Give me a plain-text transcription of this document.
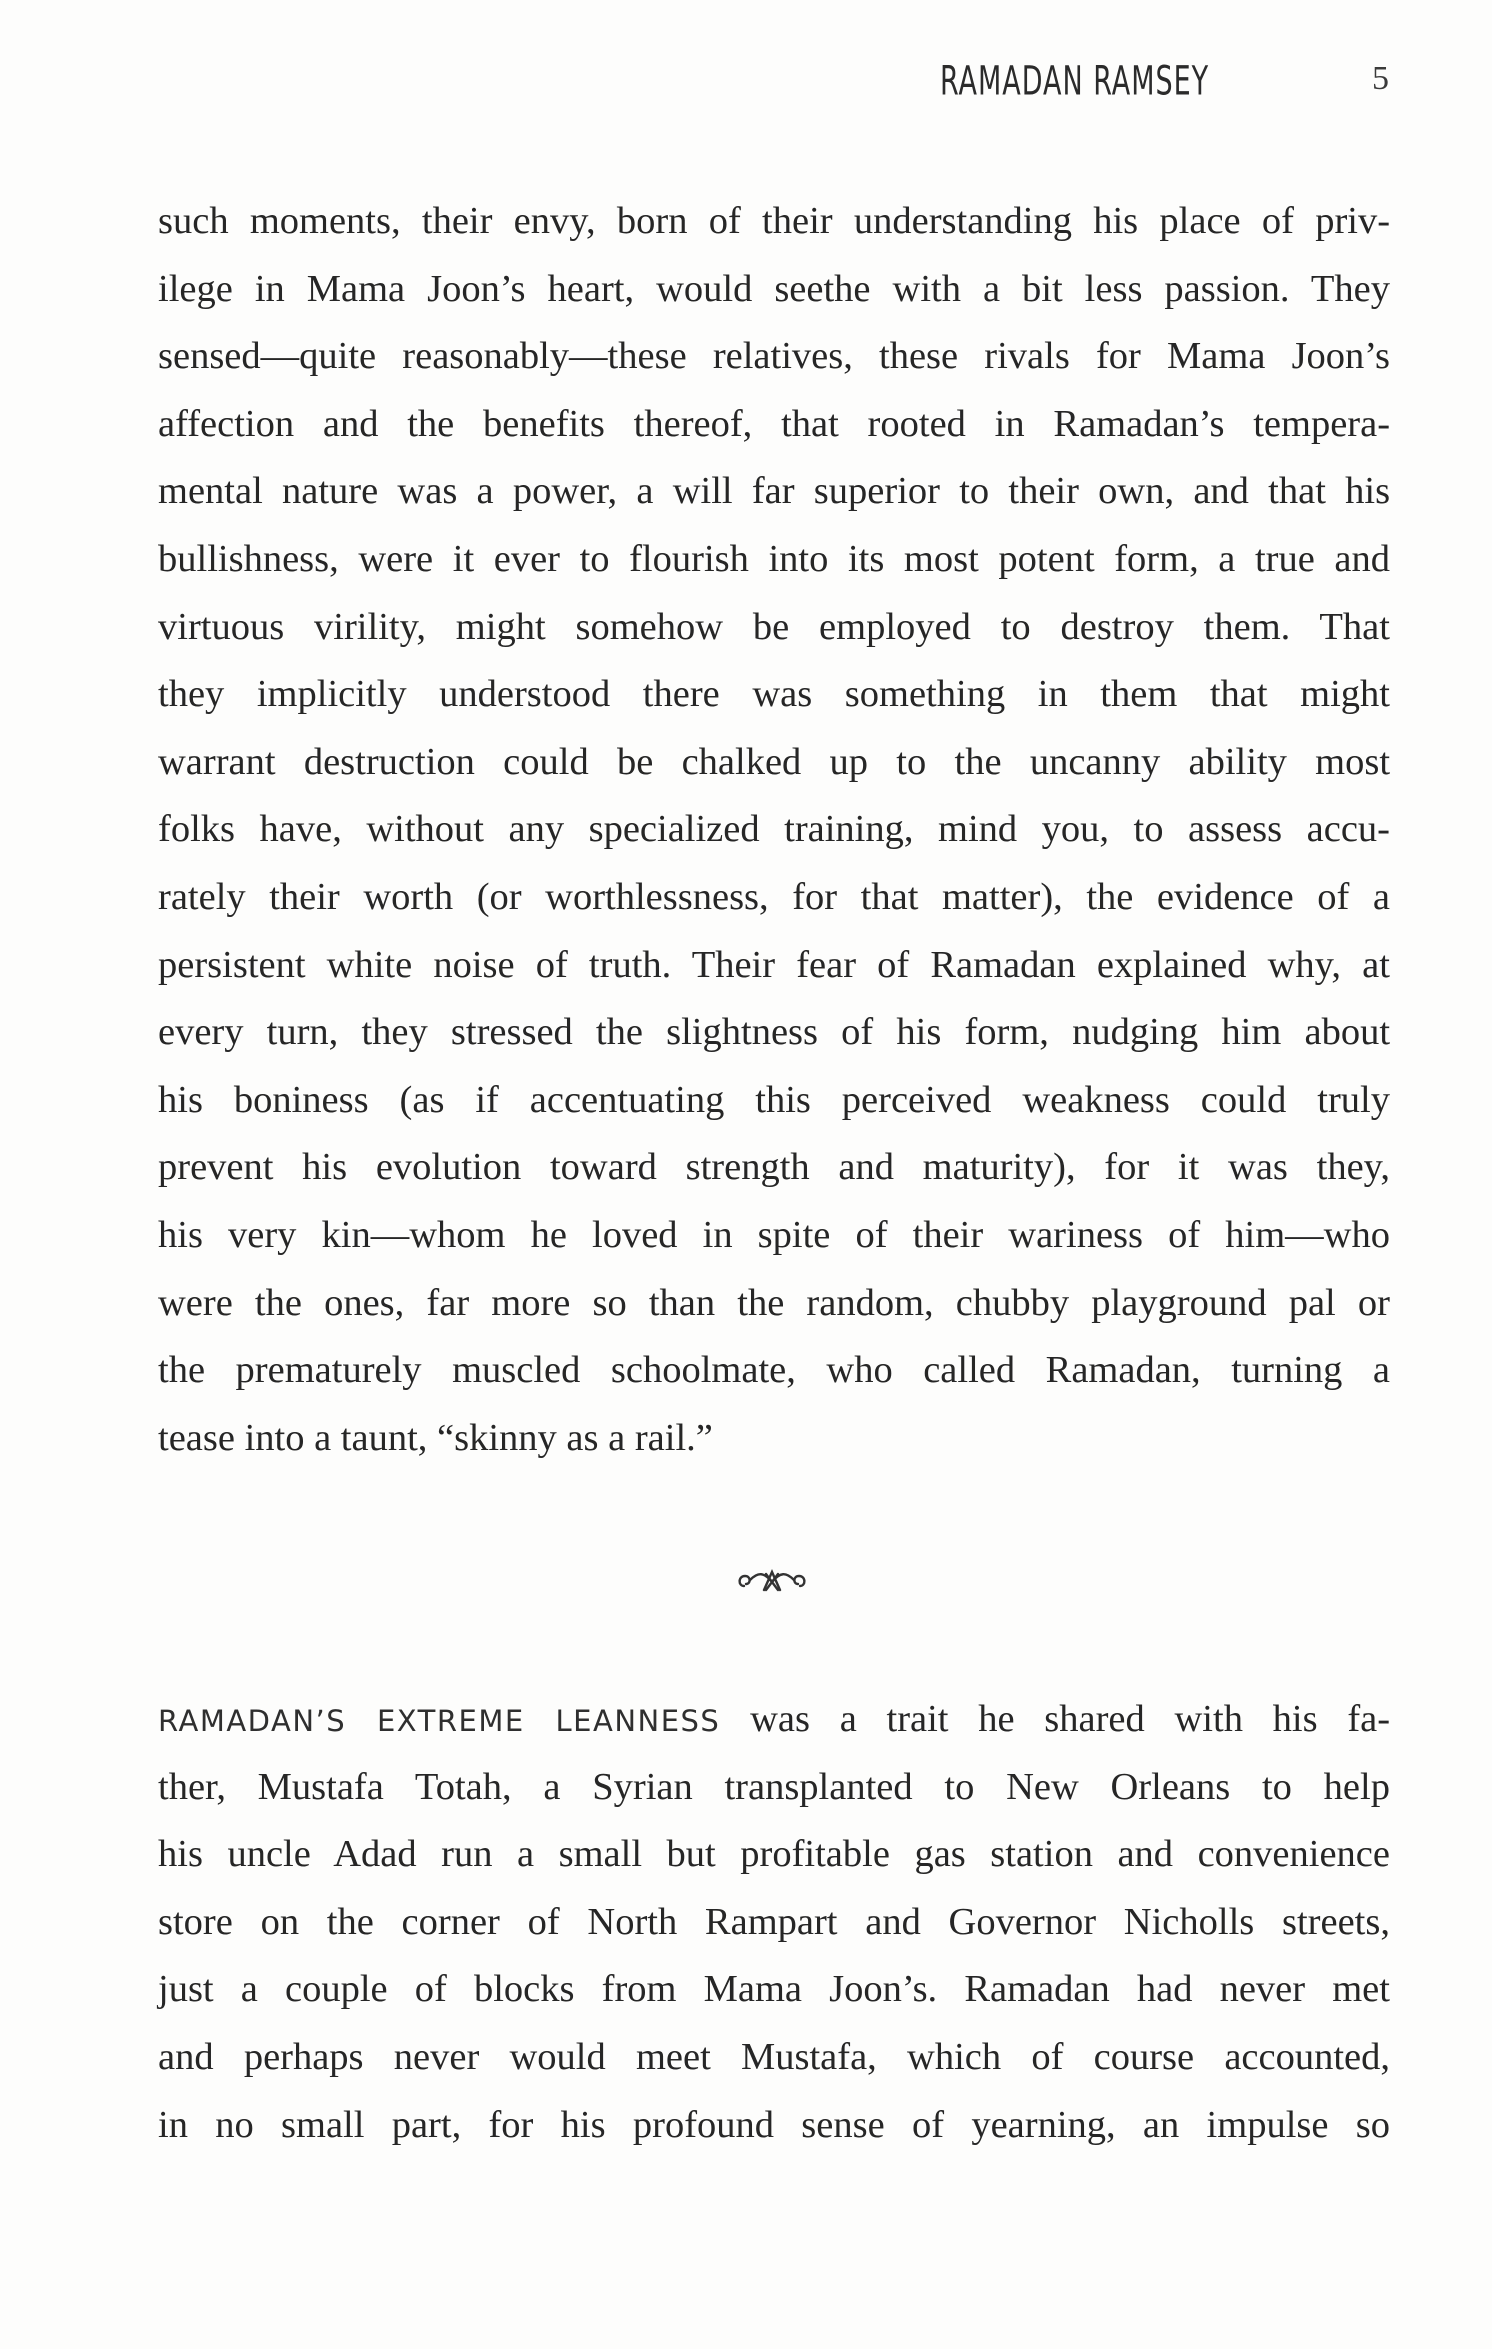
RAMADAN RAMSEY	5
such moments, their envy, born of their understanding his place of priv-
ilege in Mama Joon’s heart, would seethe with a bit less passion. They
sensed—quite reasonably—these relatives, these rivals for Mama Joon’s
affection and the benefits thereof, that rooted in Ramadan’s tempera-
mental nature was a power, a will far superior to their own, and that his
bullishness, were it ever to flourish into its most potent form, a true and
virtuous virility, might somehow be employed to destroy them. That
they implicitly understood there was something in them that might
warrant destruction could be chalked up to the uncanny ability most
folks have, without any specialized training, mind you, to assess accu-
rately their worth (or worthlessness, for that matter), the evidence of a
persistent white noise of truth. Their fear of Ramadan explained why, at
every turn, they stressed the slightness of his form, nudging him about
his boniness (as if accentuating this perceived weakness could truly
prevent his evolution toward strength and maturity), for it was they,
his very kin—whom he loved in spite of their wariness of him—who
were the ones, far more so than the random, chubby playground pal or
the prematurely muscled schoolmate, who called Ramadan, turning a
tease into a taunt, “skinny as a rail.”
RAMADAN’S EXTREME LEANNESS was a trait he shared with his fa-
ther, Mustafa Totah, a Syrian transplanted to New Orleans to help
his uncle Adad run a small but profitable gas station and convenience
store on the corner of North Rampart and Governor Nicholls streets,
just a couple of blocks from Mama Joon’s. Ramadan had never met
and perhaps never would meet Mustafa, which of course accounted,
in no small part, for his profound sense of yearning, an impulse so
